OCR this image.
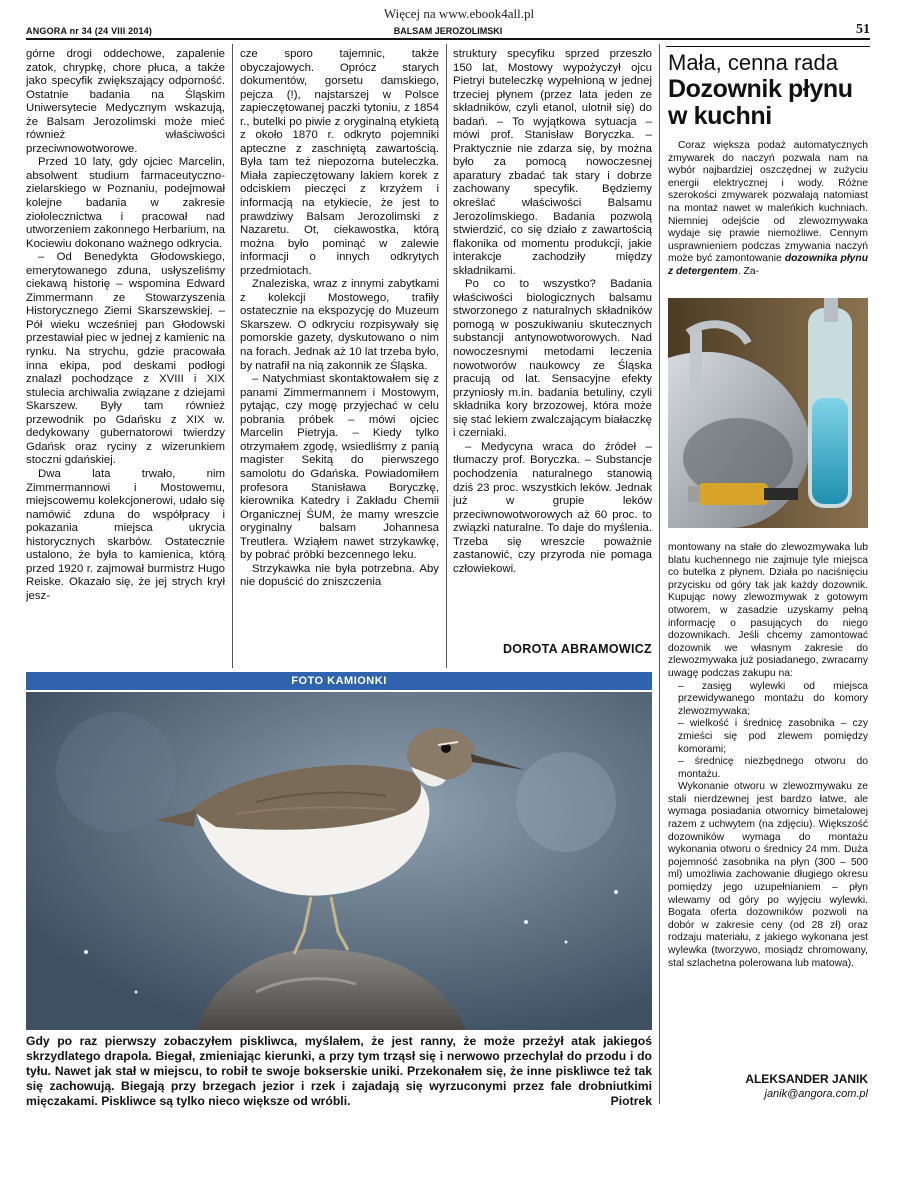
Więcej na www.ebook4all.pl
ANGORA nr 34 (24 VIII 2014)	BALSAM JEROZOLIMSKI	51

górne drogi oddechowe, zapalenie zatok, chrypkę, chore płuca, a także jako specyfik zwiększający odporność. Ostatnie badania na Śląskim Uniwersytecie Medycznym wskazują, że Balsam Jerozolimski może mieć również właściwości przeciwnowotworowe.

Przed 10 laty, gdy ojciec Marcelin, absolwent studium farmaceutyczno-zielarskiego w Poznaniu, podejmował kolejne badania w zakresie ziołolecznictwa i pracował nad utworzeniem zakonnego Herbarium, na Kociewiu dokonano ważnego odkrycia.

– Od Benedykta Głodowskiego, emerytowanego zduna, usłyszeliśmy ciekawą historię – wspomina Edward Zimmermann ze Stowarzyszenia Historycznego Ziemi Skarszewskiej. – Pół wieku wcześniej pan Głodowski przestawiał piec w jednej z kamienic na rynku. Na strychu, gdzie pracowała inna ekipa, pod deskami podłogi znalazł pochodzące z XVIII i XIX stulecia archiwalia związane z dziejami Skarszew. Były tam również przewodnik po Gdańsku z XIX w. dedykowany gubernatorowi twierdzy Gdańsk oraz ryciny z wizerunkiem stoczni gdańskiej.

Dwa lata trwało, nim Zimmermannowi i Mostowemu, miejscowemu kolekcjonerowi, udało się namówić zduna do współpracy i pokazania miejsca ukrycia historycznych skarbów. Ostatecznie ustalono, że była to kamienica, którą przed 1920 r. zajmował burmistrz Hugo Reiske. Okazało się, że jej strych krył jesz-

cze sporo tajemnic, także obyczajowych. Oprócz starych dokumentów, gorsetu damskiego, pejcza (!), najstarszej w Polsce zapieczętowanej paczki tytoniu, z 1854 r., butelki po piwie z oryginalną etykietą z około 1870 r. odkryto pojemniki apteczne z zaschniętą zawartością. Była tam też niepozorna buteleczka. Miała zapieczętowany lakiem korek z odciskiem pieczęci z krzyżem i informacją na etykiecie, że jest to prawdziwy Balsam Jerozolimski z Nazaretu. Ot, ciekawostka, którą można było pominąć w zalewie informacji o innych odkrytych przedmiotach.

Znaleziska, wraz z innymi zabytkami z kolekcji Mostowego, trafiły ostatecznie na ekspozycję do Muzeum Skarszew. O odkryciu rozpisywały się pomorskie gazety, dyskutowano o nim na forach. Jednak aż 10 lat trzeba było, by natrafił na nią zakonnik ze Śląska.

– Natychmiast skontaktowałem się z panami Zimmermannem i Mostowym, pytając, czy mogę przyjechać w celu pobrania próbek – mówi ojciec Marcelin Pietryja. – Kiedy tylko otrzymałem zgodę, wsiedliśmy z panią magister Sekitą do pierwszego samolotu do Gdańska. Powiadomiłem profesora Stanisława Boryczkę, kierownika Katedry i Zakładu Chemii Organicznej ŚUM, że mamy wreszcie oryginalny balsam Johannesa Treutlera. Wziąłem nawet strzykawkę, by pobrać próbki bezcennego leku.

Strzykawka nie była potrzebna. Aby nie dopuścić do zniszczenia

struktury specyfiku sprzed przeszło 150 lat, Mostowy wypożyczył ojcu Pietryi buteleczkę wypełnioną w jednej trzeciej płynem (przez lata jeden ze składników, czyli etanol, ulotnił się) do badań. – To wyjątkowa sytuacja – mówi prof. Stanisław Boryczka. – Praktycznie nie zdarza się, by można było za pomocą nowoczesnej aparatury zbadać tak stary i dobrze zachowany specyfik. Będziemy określać właściwości Balsamu Jerozolimskiego. Badania pozwolą stwierdzić, co się działo z zawartością flakonika od momentu produkcji, jakie interakcje zachodziły między składnikami.

Po co to wszystko? Badania właściwości biologicznych balsamu stworzonego z naturalnych składników pomogą w poszukiwaniu skutecznych substancji antynowotworowych. Nad nowoczesnymi metodami leczenia nowotworów naukowcy ze Śląska pracują od lat. Sensacyjne efekty przyniosły m.in. badania betuliny, czyli składnika kory brzozowej, która może się stać lekiem zwalczającym białaczkę i czerniaki.

– Medycyna wraca do źródeł – tłumaczy prof. Boryczka. – Substancje pochodzenia naturalnego stanowią dziś 23 proc. wszystkich leków. Jednak już w grupie leków przeciwnowotworowych aż 60 proc. to związki naturalne. To daje do myślenia. Trzeba się wreszcie poważnie zastanowić, czy przyroda nie pomaga człowiekowi.

DOROTA ABRAMOWICZ
FOTO KAMIONKI
Gdy po raz pierwszy zobaczyłem piskliwca, myślałem, że jest ranny, że może przeżył atak jakiegoś skrzydlatego drapola. Biegał, zmieniając kierunki, a przy tym trząsł się i nerwowo przechylał do przodu i do tyłu. Nawet jak stał w miejscu, to robił te swoje bokserskie uniki. Przekonałem się, że inne piskliwce też tak się zachowują. Biegają przy brzegach jezior i rzek i zajadają się wyrzuconymi przez fale drobniutkimi mięczakami. Piskliwce są tylko nieco większe od wróbli.	Piotrek
Mała, cenna rada
Dozownik płynu w kuchni

Coraz większa podaż automatycznych zmywarek do naczyń pozwala nam na wybór najbardziej oszczędnej w zużyciu energii elektrycznej i wody. Różne szerokości zmywarek pozwalają natomiast na montaż nawet w maleńkich kuchniach. Niemniej odejście od zlewozmywaka wydaje się prawie niemożliwe. Cennym usprawnieniem podczas zmywania naczyń może być zamontowanie dozownika płynu z detergentem. Za-

montowany na stałe do zlewozmywaka lub blatu kuchennego nie zajmuje tyle miejsca co butelka z płynem. Działa po naciśnięciu przycisku od góry tak jak każdy dozownik. Kupując nowy zlewozmywak z gotowym otworem, w zasadzie uzyskamy pełną informację o pasujących do niego dozownikach. Jeśli chcemy zamontować dozownik we własnym zakresie do zlewozmywaka już posiadanego, zwracamy uwagę podczas zakupu na:

– zasięg wylewki od miejsca przewidywanego montażu do komory zlewozmywaka;

– wielkość i średnicę zasobnika – czy zmieści się pod zlewem pomiędzy komorami;

– średnicę niezbędnego otworu do montażu.

Wykonanie otworu w zlewozmywaku ze stali nierdzewnej jest bardzo łatwe, ale wymaga posiadania otwornicy bimetalowej razem z uchwytem (na zdjęciu). Większość dozowników wymaga do montażu wykonania otworu o średnicy 24 mm. Duża pojemność zasobnika na płyn (300 – 500 ml) umożliwia zachowanie długiego okresu pomiędzy jego uzupełnianiem – płyn wlewamy od góry po wyjęciu wylewki. Bogata oferta dozowników pozwoli na dobór w zakresie ceny (od 28 zł) oraz rodzaju materiału, z jakiego wykonana jest wylewka (tworzywo, mosiądz chromowany, stal szlachetna polerowana lub matowa).

ALEKSANDER JANIK
janik@angora.com.pl
